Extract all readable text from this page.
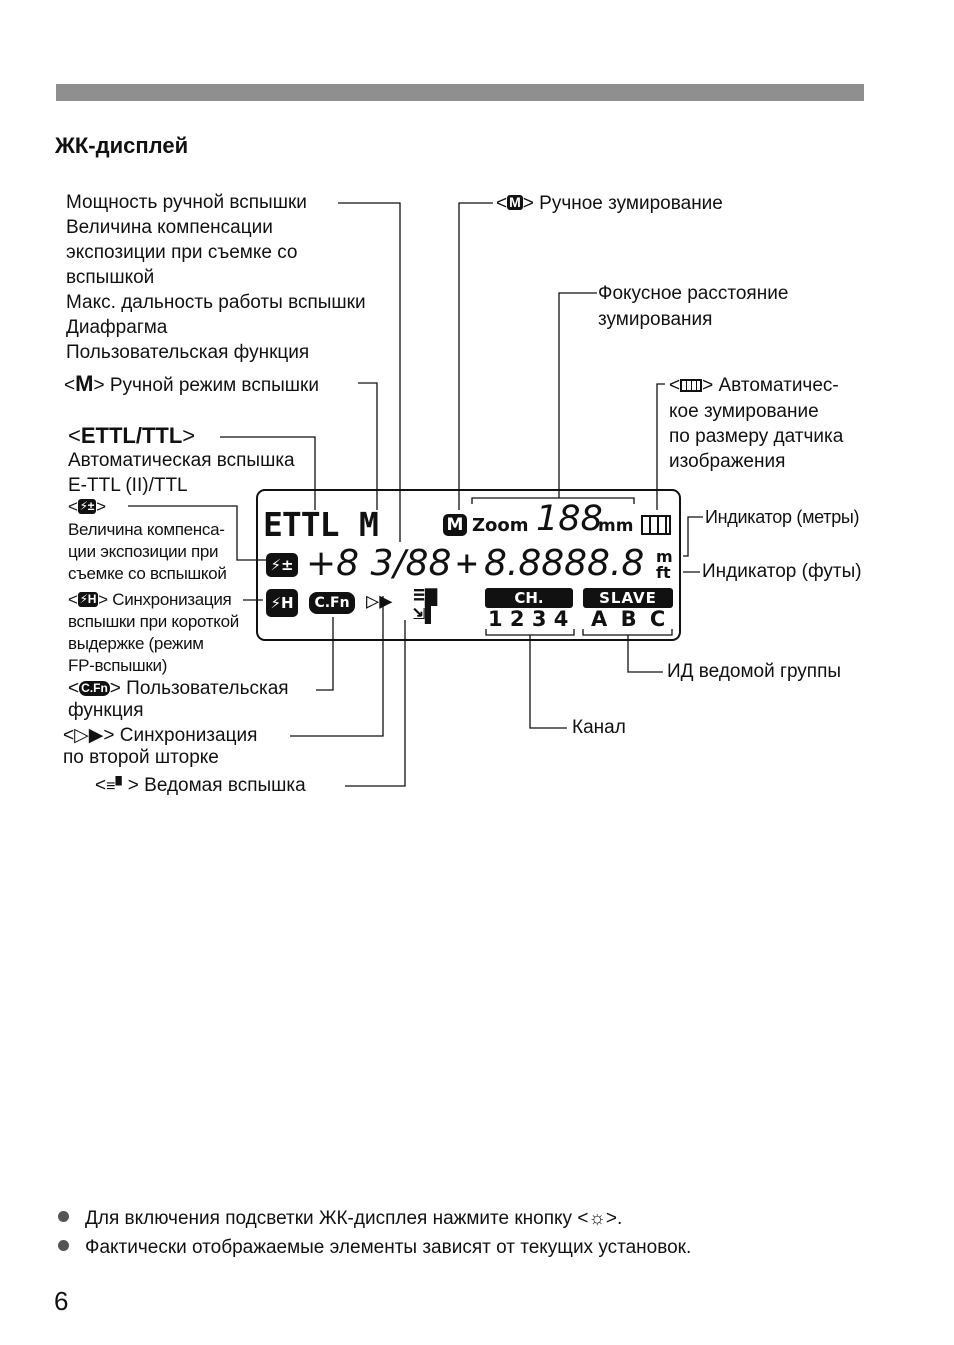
ЖК-дисплей
Мощность ручной вспышки
Величина компенсации
экспозиции при съемке со
вспышкой
Макс. дальность работы вспышки
Диафрагма
Пользовательская функция
<M> Ручной режим вспышки
<ETTL/TTL>
Автоматическая вспышка
E-TTL (II)/TTL
< ⚡± >
Величина компенса-
ции экспозиции при
съемке со вспышкой
< ⚡H > Синхронизация
вспышки при короткой
выдержке (режим
FP-вспышки)
< C.Fn > Пользовательская
функция
<▷▶> Синхронизация
по второй шторке
<≡▘> Ведомая вспышка
< M > Ручное зумирование
Фокусное расстояние
зумирования
< > Автоматичес-
кое зумирование
по размеру датчика
изображения
Индикатор (метры)
Индикатор (футы)
ИД ведомой группы
Канал
ETTL M	M Zoom 188
mm
⚡± +8 3/88 + 8.8888.8 m
ft
⚡H	C.Fn ▷▶ ≡▆
⇲▌
CH.	SLAVE
1 2 3 4 A B C
Для включения подсветки ЖК-дисплея нажмите кнопку <☼>.
Фактически отображаемые элементы зависят от текущих установок.
6
